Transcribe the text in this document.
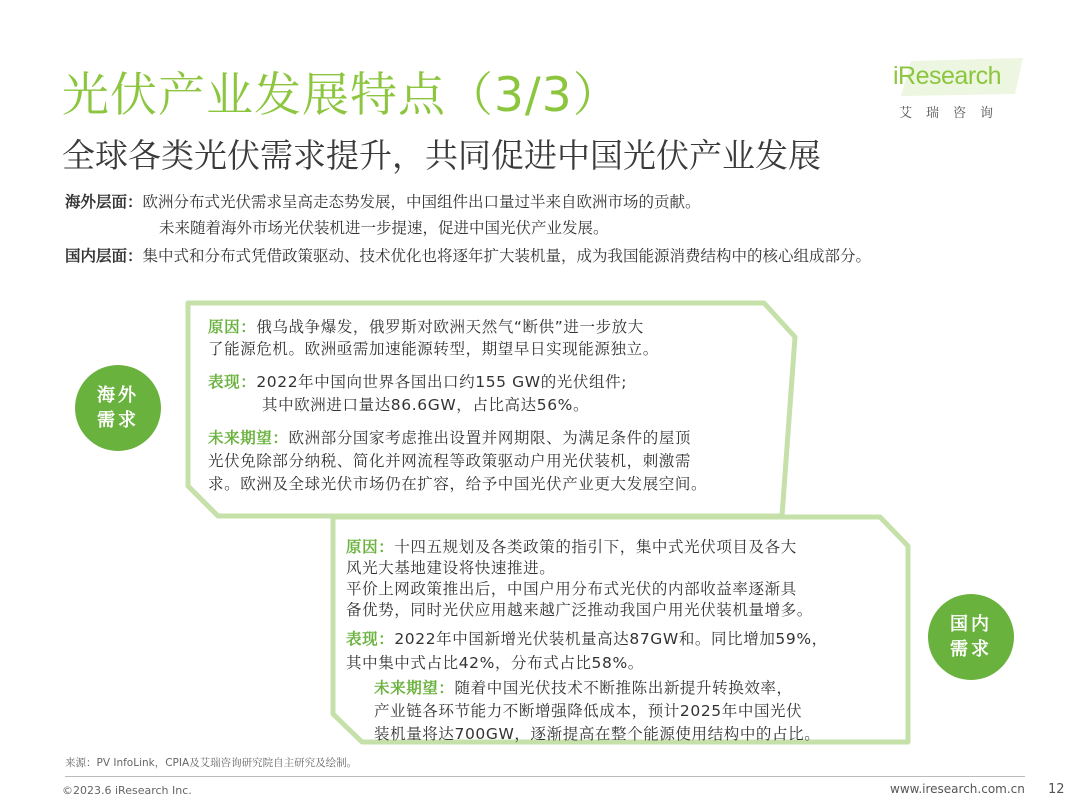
光伏产业发展特点（3/3）
全球各类光伏需求提升，共同促进中国光伏产业发展
iResearch
艾瑞咨询
海外层面：欧洲分布式光伏需求呈高走态势发展，中国组件出口量过半来自欧洲市场的贡献。
未来随着海外市场光伏装机进一步提速，促进中国光伏产业发展。
国内层面：集中式和分布式凭借政策驱动、技术优化也将逐年扩大装机量，成为我国能源消费结构中的核心组成部分。
海外
需求
原因：俄乌战争爆发，俄罗斯对欧洲天然气“断供”进一步放大
了能源危机。欧洲亟需加速能源转型，期望早日实现能源独立。
表现：2022年中国向世界各国出口约155 GW的光伏组件;
其中欧洲进口量达86.6GW，占比高达56%。
未来期望：欧洲部分国家考虑推出设置并网期限、为满足条件的屋顶
光伏免除部分纳税、简化并网流程等政策驱动户用光伏装机，刺激需
求。欧洲及全球光伏市场仍在扩容，给予中国光伏产业更大发展空间。
国内
需求
原因：十四五规划及各类政策的指引下，集中式光伏项目及各大
风光大基地建设将快速推进。
平价上网政策推出后，中国户用分布式光伏的内部收益率逐渐具
备优势，同时光伏应用越来越广泛推动我国户用光伏装机量增多。
表现：2022年中国新增光伏装机量高达87GW和。同比增加59%，
其中集中式占比42%，分布式占比58%。
未来期望：随着中国光伏技术不断推陈出新提升转换效率，
产业链各环节能力不断增强降低成本，预计2025年中国光伏
装机量将达700GW，逐渐提高在整个能源使用结构中的占比。
来源：PV InfoLink，CPIA及艾瑞咨询研究院自主研究及绘制。
©2023.6 iResearch Inc.	www.iresearch.com.cn 12
